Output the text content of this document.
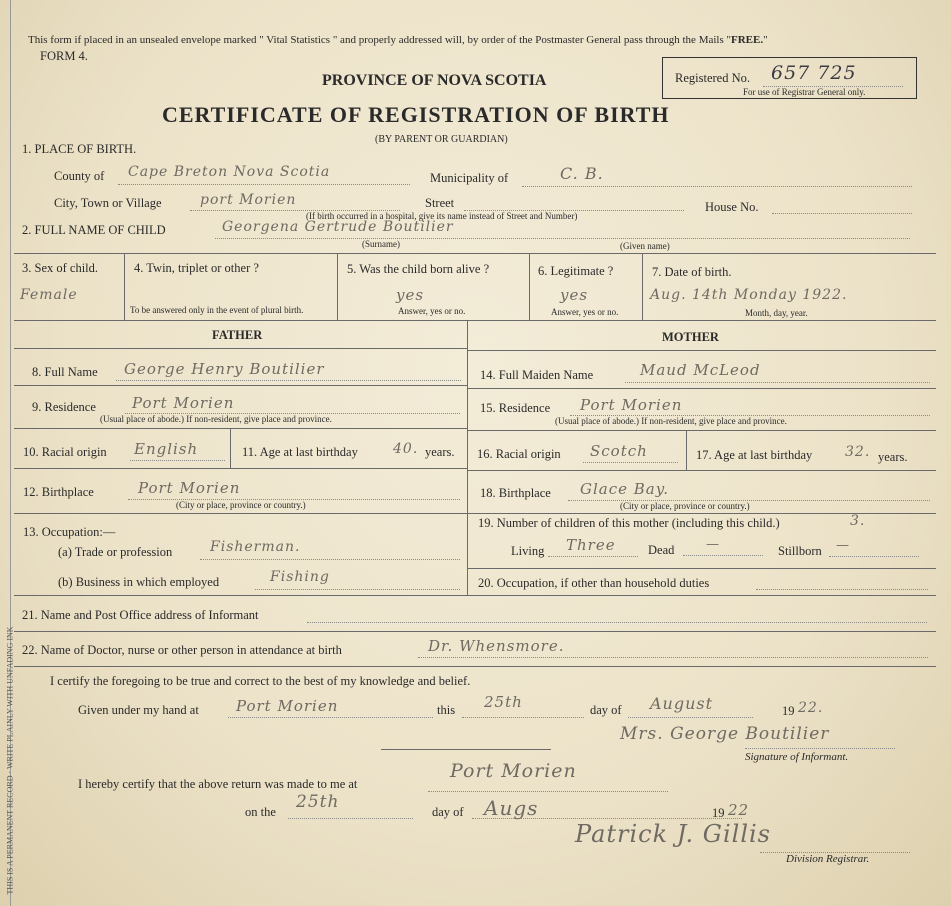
THIS IS A PERMANENT RECORD · WRITE PLAINLY WITH UNFADING INK
This form if placed in an unsealed envelope marked " Vital Statistics " and properly addressed will, by order of the Postmaster General pass through the Mails "FREE."
FORM 4.
PROVINCE OF NOVA SCOTIA
CERTIFICATE OF REGISTRATION OF BIRTH
(BY PARENT OR GUARDIAN)
Registered No. 657 725
For use of Registrar General only.
1. PLACE OF BIRTH.
County of Cape Breton Nova Scotia	Municipality of	C. B.
City, Town or Village	port Morien	Street
(If birth occurred in a hospital, give its name instead of Street and Number)
House No.
2. FULL NAME OF CHILD	Georgena Gertrude Boutilier
(Surname)	(Given name)
3. Sex of child.
Female
4. Twin, triplet or other ?
To be answered only in the event of plural birth.
5. Was the child born alive ?
yes
Answer, yes or no.
6. Legitimate ?
yes
Answer, yes or no.
7. Date of birth.
Aug. 14th Monday 1922.
Month, day, year.
FATHER	MOTHER
8. Full Name George Henry Boutilier
9. Residence Port Morien
(Usual place of abode.) If non-resident, give place and province.
10. Racial origin English	11. Age at last birthday	40. years.
12. Birthplace	Port Morien
(City or place, province or country.)
13. Occupation:—
(a) Trade or profession	Fisherman.
(b) Business in which employed	Fishing
14. Full Maiden Name	Maud McLeod
15. Residence Port Morien
(Usual place of abode.) If non-resident, give place and province.
16. Racial origin Scotch	17. Age at last birthday 32. years.
18. Birthplace Glace Bay.
(City or place, province or country.)
19. Number of children of this mother (including this child.)	3.
Living Three	Dead —	Stillborn —
20. Occupation, if other than household duties
21. Name and Post Office address of Informant
22. Name of Doctor, nurse or other person in attendance at birth	Dr. Whensmore.
I certify the foregoing to be true and correct to the best of my knowledge and belief.
Given under my hand at Port Morien	this 25th	day of August	19 22.
Mrs. George Boutilier
Signature of Informant.
I hereby certify that the above return was made to me at
Port Morien
on the 25th	day of Augs	19 22
Patrick J. Gillis
Division Registrar.
